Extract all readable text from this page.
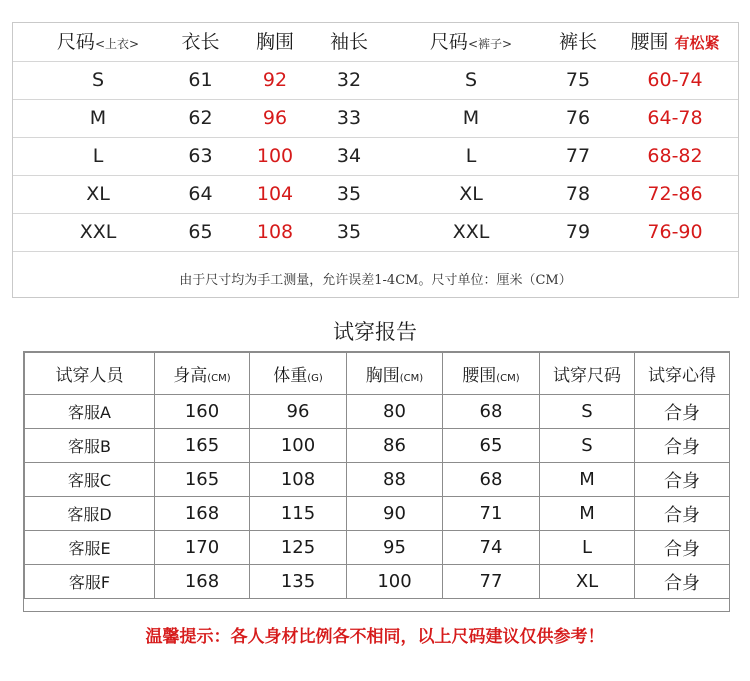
尺码<上衣>	衣长	胸围	袖长	尺码<裤子>	裤长	腰围 有松紧
S	61	92	32	S	75	60-74
M	62	96	33	M	76	64-78
L	63	100	34	L	77	68-82
XL	64	104	35	XL	78	72-86
XXL	65	108	35	XXL	79	76-90
由于尺寸均为手工测量，允许误差1-4CM。尺寸单位：厘米（CM）
试穿报告
试穿人员	身高(CM)	体重(G)	胸围(CM)	腰围(CM)	试穿尺码	试穿心得
客服A	160	96	80	68	S	合身
客服B	165	100	86	65	S	合身
客服C	165	108	88	68	M	合身
客服D	168	115	90	71	M	合身
客服E	170	125	95	74	L	合身
客服F	168	135	100	77	XL	合身
温馨提示：各人身材比例各不相同，以上尺码建议仅供参考！
